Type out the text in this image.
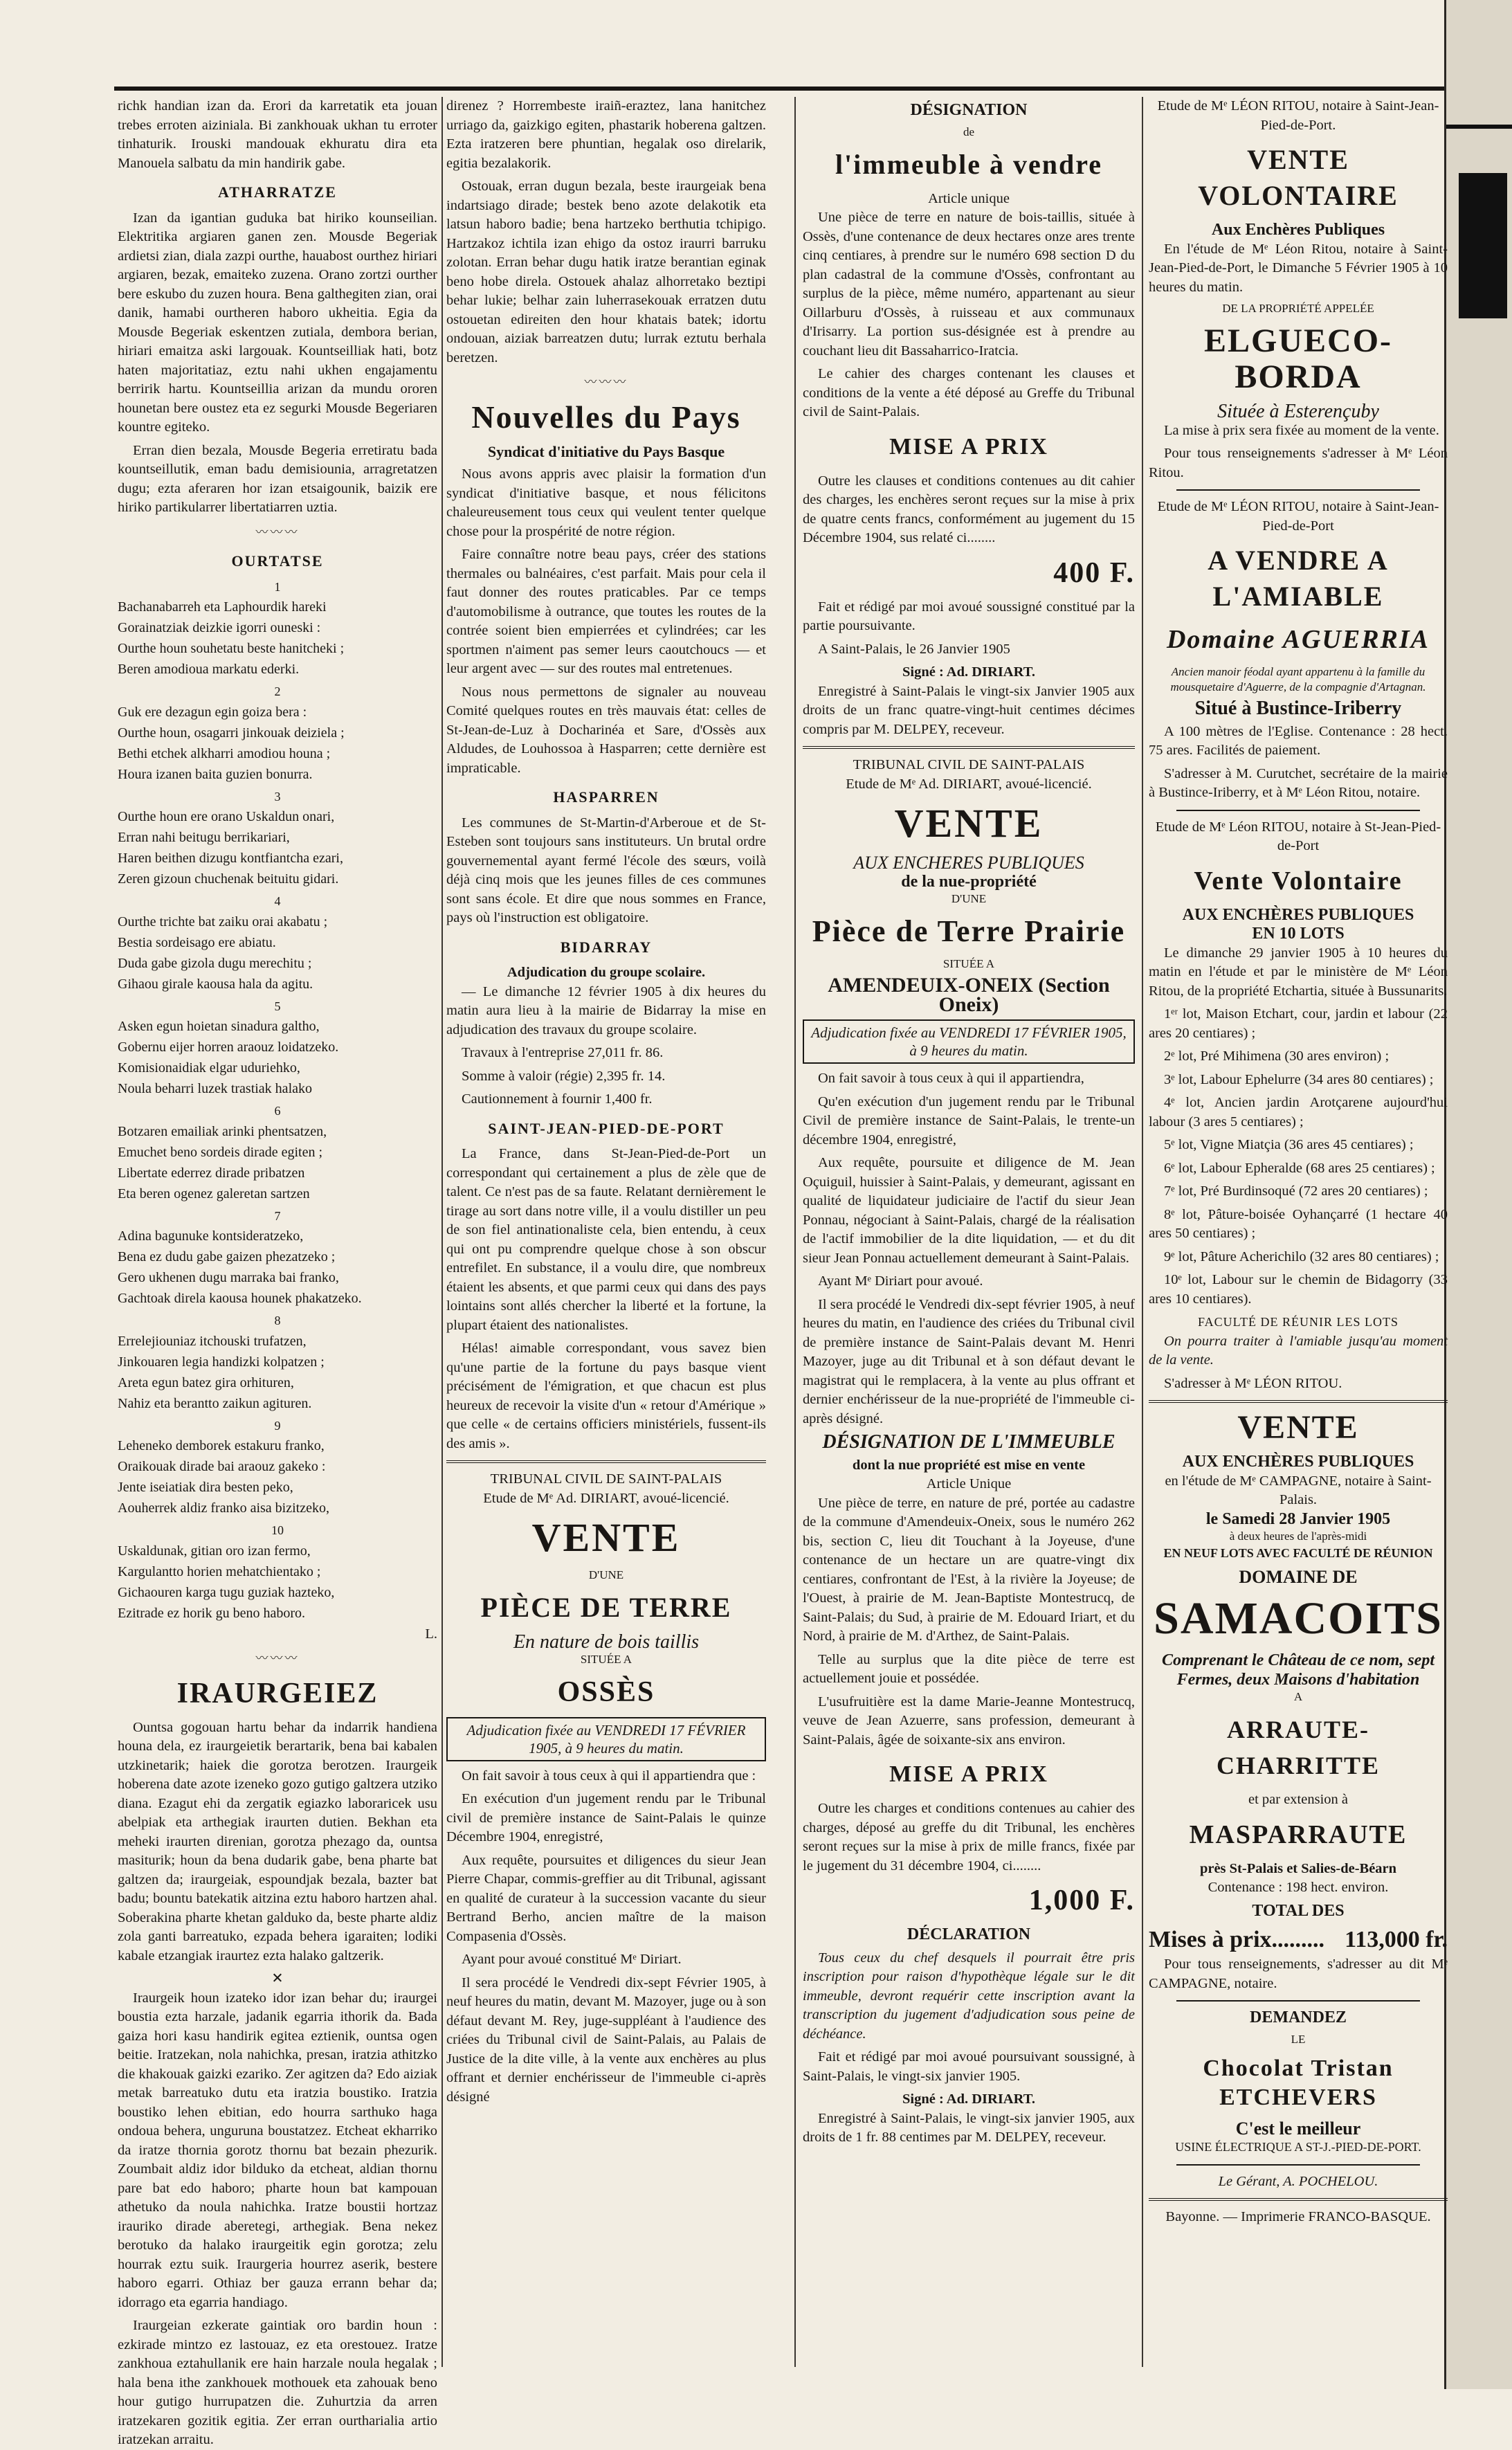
richk handian izan da. Erori da karretatik eta jouan trebes erroten aiziniala. Bi zankhouak ukhan tu erroter tinhaturik. Irouski mandouak ekhuratu dira eta Manouela salbatu da min handirik gabe.

ATHARRATZE

Izan da igantian guduka bat hiriko kounseilian. Elektritika argiaren ganen zen. Mousde Begeriak ardietsi zian, diala zazpi ourthe, hauabost ourthez hiriari argiaren, bezak, emaiteko zuzena. Orano zortzi ourther bere eskubo du zuzen houra. Bena galthegiten zian, orai danik, hamabi ourtheren haboro ukheitia. Egia da Mousde Begeriak eskentzen zutiala, dembora berian, hiriari emaitza aski largouak. Kountseilliak hati, botz haten majoritatiaz, eztu nahi ukhen engajamentu berririk hartu. Kountseillia arizan da mundu ororen hounetan bere oustez eta ez segurki Mousde Begeriaren kountre egiteko.

Erran dien bezala, Mousde Begeria erretiratu bada kountseillutik, eman badu demisiounia, arragretatzen dugu; ezta aferaren hor izan etsaigounik, baizik ere hiriko partikularrer libertatiarren uztia.

〰〰〰
OURTATSE
1

Bachanabarreh eta Laphourdik hareki

Gorainatziak deizkie igorri ouneski :

Ourthe houn souhetatu beste hanitcheki ;

Beren amodioua markatu ederki.

2

Guk ere dezagun egin goiza bera :

Ourthe houn, osagarri jinkouak deiziela ;

Bethi etchek alkharri amodiou houna ;

Houra izanen baita guzien bonurra.

3

Ourthe houn ere orano Uskaldun onari,

Erran nahi beitugu berrikariari,

Haren beithen dizugu kontfiantcha ezari,

Zeren gizoun chuchenak beituitu gidari.

4

Ourthe trichte bat zaiku orai akabatu ;

Bestia sordeisago ere abiatu.

Duda gabe gizola dugu merechitu ;

Gihaou girale kaousa hala da agitu.

5

Asken egun hoietan sinadura galtho,

Gobernu eijer horren araouz loidatzeko.

Komisionaidiak elgar uduriehko,

Noula beharri luzek trastiak halako

6

Botzaren emailiak arinki phentsatzen,

Emuchet beno sordeis dirade egiten ;

Libertate ederrez dirade pribatzen

Eta beren ogenez galeretan sartzen

7

Adina bagunuke kontsideratzeko,

Bena ez dudu gabe gaizen phezatzeko ;

Gero ukhenen dugu marraka bai franko,

Gachtoak direla kaousa hounek phakatzeko.

8

Errelejiouniaz itchouski trufatzen,

Jinkouaren legia handizki kolpatzen ;

Areta egun batez gira orhituren,

Nahiz eta berantto zaikun agituren.

9

Leheneko demborek estakuru franko,

Oraikouak dirade bai araouz gakeko :

Jente iseiatiak dira besten peko,

Aouherrek aldiz franko aisa bizitzeko,

10

Uskaldunak, gitian oro izan fermo,

Kargulantto horien mehatchientako ;

Gichaouren karga tugu guziak hazteko,

Ezitrade ez horik gu beno haboro.

L.

〰〰〰
IRAURGEIEZ

Ountsa gogouan hartu behar da indarrik handiena houna dela, ez iraurgeietik berartarik, bena bai kabalen utzkinetarik; haiek die gorotza berotzen. Iraurgeik hoberena date azote izeneko gozo gutigo galtzera utziko diana. Ezagut ehi da zergatik egiazko laboraricek usu abelpiak eta arthegiak iraurten dutien. Bekhan eta meheki iraurten direnian, gorotza phezago da, ountsa masiturik; houn da bena dudarik gabe, bena pharte bat galtzen da; iraurgeiak, espoundjak bezala, bazter bat badu; bountu batekatik aitzina eztu haboro hartzen ahal. Soberakina pharte khetan galduko da, beste pharte aldiz zola ganti barreatuko, ezpada behera igaraiten; lodiki kabale etzangiak iraurtez ezta halako galtzerik.

✕

Iraurgeik houn izateko idor izan behar du; iraurgei boustia ezta harzale, jadanik egarria ithorik da. Bada gaiza hori kasu handirik egitea eztienik, ountsa ogen beitie. Iratzekan, nola nahichka, presan, iratzia athitzko die khakouak gaizki ezariko. Zer agitzen da? Edo aiziak metak barreatuko dutu eta iratzia boustiko. Iratzia boustiko lehen ebitian, edo hourra sarthuko haga ondoua behera, unguruna boustatzez. Etcheat ekharriko da iratze thornia gorotz thornu bat bezain phezurik. Zoumbait aldiz idor bilduko da etcheat, aldian thornu pare bat edo haboro; pharte houn bat kampouan athetuko da noula nahichka. Iratze boustii hortzaz irauriko dirade aberetegi, arthegiak. Bena nekez berotuko da halako iraurgeitik egin gorotza; zelu hourrak eztu suik. Iraurgeria hourrez aserik, bestere haboro egarri. Othiaz ber gauza errann behar da; idorrago eta egarria handiago.

Iraurgeian ezkerate gaintiak oro bardin houn : ezkirade mintzo ez lastouaz, ez eta orestouez. Iratze zankhoua eztahullanik ere hain harzale noula hegalak ; hala bena ithe zankhouek mothouek eta zahouak beno hour gutigo hurrupatzen die. Zuhurtzia da arren iratzekaren gozitik egitia. Zer erran ourtharialia artio iratzekan arraitu.

direnez ? Horrembeste iraiñ-eraztez, lana hanitchez urriago da, gaizkigo egiten, phastarik hoberena galtzen. Ezta iratzeren bere phuntian, hegalak oso direlarik, egitia bezalakorik.

Ostouak, erran dugun bezala, beste iraurgeiak bena indartsiago dirade; bestek beno azote delakotik eta latsun haboro badie; bena hartzeko berthutia tchipigo. Hartzakoz ichtila izan ehigo da ostoz iraurri barruku zolotan. Erran behar dugu hatik iratze berantian eginak beno hobe direla. Ostouek ahalaz alhorretako beztipi behar lukie; belhar zain luherrasekouak erratzen dutu ostouetan edireiten den hour khatais batek; idortu ondouan, aiziak barreatzen dutu; lurrak eztutu berhala beretzen.

〰〰〰
Nouvelles du Pays
Syndicat d'initiative du Pays Basque

Nous avons appris avec plaisir la formation d'un syndicat d'initiative basque, et nous félicitons chaleureusement tous ceux qui veulent tenter quelque chose pour la prospérité de notre région.

Faire connaître notre beau pays, créer des stations thermales ou balnéaires, c'est parfait. Mais pour cela il faut donner des routes praticables. Par ce temps d'automobilisme à outrance, que toutes les routes de la contrée soient bien empierrées et cylindrées; car les sportmen n'aiment pas semer leurs caoutchoucs — et leur argent avec — sur des routes mal entretenues.

Nous nous permettons de signaler au nouveau Comité quelques routes en très mauvais état: celles de St-Jean-de-Luz à Docharinéa et Sare, d'Ossès aux Aldudes, de Louhossoa à Hasparren; cette dernière est impraticable.

HASPARREN

Les communes de St-Martin-d'Arberoue et de St-Esteben sont toujours sans instituteurs. Un brutal ordre gouvernemental ayant fermé l'école des sœurs, voilà déjà cinq mois que les jeunes filles de ces communes sont sans école. Et dire que nous sommes en France, pays où l'instruction est obligatoire.

BIDARRAY
Adjudication du groupe scolaire.

— Le dimanche 12 février 1905 à dix heures du matin aura lieu à la mairie de Bidarray la mise en adjudication des travaux du groupe scolaire.

Travaux à l'entreprise 27,011 fr. 86.

Somme à valoir (régie) 2,395 fr. 14.

Cautionnement à fournir 1,400 fr.

SAINT-JEAN-PIED-DE-PORT

La France, dans St-Jean-Pied-de-Port un correspondant qui certainement a plus de zèle que de talent. Ce n'est pas de sa faute. Relatant dernièrement le tirage au sort dans notre ville, il a voulu distiller un peu de son fiel antinationaliste cela, bien entendu, à ceux qui ont pu comprendre quelque chose à son obscur entrefilet. En substance, il a voulu dire, que nombreux étaient les absents, et que parmi ceux qui dans des pays lointains sont allés chercher la liberté et la fortune, la plupart étaient des nationalistes.

Hélas! aimable correspondant, vous savez bien qu'une partie de la fortune du pays basque vient précisément de l'émigration, et que chacun est plus heureux de recevoir la visite d'un « retour d'Amérique » que celle « de certains officiers ministériels, fussent-ils des amis ».

TRIBUNAL CIVIL DE SAINT-PALAIS
Etude de Mᵉ Ad. DIRIART, avoué-licencié.
VENTE
D'UNE
PIÈCE DE TERRE
En nature de bois taillis
SITUÉE A
OSSÈS
Adjudication fixée au VENDREDI 17 FÉVRIER 1905, à 9 heures du matin.

On fait savoir à tous ceux à qui il appartiendra que :

En exécution d'un jugement rendu par le Tribunal civil de première instance de Saint-Palais le quinze Décembre 1904, enregistré,

Aux requête, poursuites et diligences du sieur Jean Pierre Chapar, commis-greffier au dit Tribunal, agissant en qualité de curateur à la succession vacante du sieur Bertrand Berho, ancien maître de la maison Compasenia d'Ossès.

Ayant pour avoué constitué Mᵉ Diriart.

Il sera procédé le Vendredi dix-sept Février 1905, à neuf heures du matin, devant M. Mazoyer, juge ou à son défaut devant M. Rey, juge-suppléant à l'audience des criées du Tribunal civil de Saint-Palais, au Palais de Justice de la dite ville, à la vente aux enchères au plus offrant et dernier enchérisseur de l'immeuble ci-après désigné

DÉSIGNATION
de
l'immeuble à vendre
Article unique

Une pièce de terre en nature de bois-taillis, située à Ossès, d'une contenance de deux hectares onze ares trente cinq centiares, à prendre sur le numéro 698 section D du plan cadastral de la commune d'Ossès, confrontant au surplus de la pièce, même numéro, appartenant au sieur Oillarburu d'Ossès, à ruisseau et aux communaux d'Irisarry. La portion sus-désignée est à prendre au couchant lieu dit Bassaharrico-Iratcia.

Le cahier des charges contenant les clauses et conditions de la vente a été déposé au Greffe du Tribunal civil de Saint-Palais.

MISE A PRIX

Outre les clauses et conditions contenues au dit cahier des charges, les enchères seront reçues sur la mise à prix de quatre cents francs, conformément au jugement du 15 Décembre 1904, sus relaté ci........

400 F.

Fait et rédigé par moi avoué soussigné constitué par la partie poursuivante.

A Saint-Palais, le 26 Janvier 1905

Signé : Ad. DIRIART.

Enregistré à Saint-Palais le vingt-six Janvier 1905 aux droits de un franc quatre-vingt-huit centimes décimes compris par M. DELPEY, receveur.

TRIBUNAL CIVIL DE SAINT-PALAIS
Etude de Mᵉ Ad. DIRIART, avoué-licencié.
VENTE
AUX ENCHERES PUBLIQUES
de la nue-propriété
D'UNE
Pièce de Terre Prairie
SITUÉE A
AMENDEUIX-ONEIX (Section Oneix)
Adjudication fixée au VENDREDI 17 FÉVRIER 1905, à 9 heures du matin.

On fait savoir à tous ceux à qui il appartiendra,

Qu'en exécution d'un jugement rendu par le Tribunal Civil de première instance de Saint-Palais, le trente-un décembre 1904, enregistré,

Aux requête, poursuite et diligence de M. Jean Oçuiguil, huissier à Saint-Palais, y demeurant, agissant en qualité de liquidateur judiciaire de l'actif du sieur Jean Ponnau, négociant à Saint-Palais, chargé de la réalisation de l'actif immobilier de la dite liquidation, — et du dit sieur Jean Ponnau actuellement demeurant à Saint-Palais.

Ayant Mᵉ Diriart pour avoué.

Il sera procédé le Vendredi dix-sept février 1905, à neuf heures du matin, en l'audience des criées du Tribunal civil de première instance de Saint-Palais devant M. Henri Mazoyer, juge au dit Tribunal et à son défaut devant le magistrat qui le remplacera, à la vente au plus offrant et dernier enchérisseur de la nue-propriété de l'immeuble ci-après désigné.

DÉSIGNATION DE L'IMMEUBLE
dont la nue propriété est mise en vente
Article Unique

Une pièce de terre, en nature de pré, portée au cadastre de la commune d'Amendeuix-Oneix, sous le numéro 262 bis, section C, lieu dit Touchant à la Joyeuse, d'une contenance de un hectare un are quatre-vingt dix centiares, confrontant de l'Est, à la rivière la Joyeuse; de l'Ouest, à prairie de M. Jean-Baptiste Montestrucq, de Saint-Palais; du Sud, à prairie de M. Edouard Iriart, et du Nord, à prairie de M. d'Arthez, de Saint-Palais.

Telle au surplus que la dite pièce de terre est actuellement jouie et possédée.

L'usufruitière est la dame Marie-Jeanne Montestrucq, veuve de Jean Azuerre, sans profession, demeurant à Saint-Palais, âgée de soixante-six ans environ.

MISE A PRIX

Outre les charges et conditions contenues au cahier des charges, déposé au greffe du dit Tribunal, les enchères seront reçues sur la mise à prix de mille francs, fixée par le jugement du 31 décembre 1904, ci........

1,000 F.
DÉCLARATION

Tous ceux du chef desquels il pourrait être pris inscription pour raison d'hypothèque légale sur le dit immeuble, devront requérir cette inscription avant la transcription du jugement d'adjudication sous peine de déchéance.

Fait et rédigé par moi avoué poursuivant soussigné, à Saint-Palais, le vingt-six janvier 1905.

Signé : Ad. DIRIART.

Enregistré à Saint-Palais, le vingt-six janvier 1905, aux droits de 1 fr. 88 centimes par M. DELPEY, receveur.

Etude de Mᵉ LÉON RITOU, notaire à Saint-Jean-Pied-de-Port.
VENTE VOLONTAIRE
Aux Enchères Publiques

En l'étude de Mᵉ Léon Ritou, notaire à Saint-Jean-Pied-de-Port, le Dimanche 5 Février 1905 à 10 heures du matin.

DE LA PROPRIÉTÉ APPELÉE
ELGUECO-BORDA
Située à Esterençuby

La mise à prix sera fixée au moment de la vente.

Pour tous renseignements s'adresser à Mᵉ Léon Ritou.

Etude de Mᵉ LÉON RITOU, notaire à Saint-Jean-Pied-de-Port
A VENDRE A L'AMIABLE
Domaine AGUERRIA
Ancien manoir féodal ayant appartenu à la famille du mousquetaire d'Aguerre, de la compagnie d'Artagnan.
Situé à Bustince-Iriberry

A 100 mètres de l'Eglise. Contenance : 28 hect. 75 ares. Facilités de paiement.

S'adresser à M. Curutchet, secrétaire de la mairie à Bustince-Iriberry, et à Mᵉ Léon Ritou, notaire.

Etude de Mᵉ Léon RITOU, notaire à St-Jean-Pied-de-Port
Vente Volontaire
AUX ENCHÈRES PUBLIQUES
EN 10 LOTS

Le dimanche 29 janvier 1905 à 10 heures du matin en l'étude et par le ministère de Mᵉ Léon Ritou, de la propriété Etchartia, située à Bussunarits.

1ᵉʳ lot, Maison Etchart, cour, jardin et labour (22 ares 20 centiares) ;

2ᵉ lot, Pré Mihimena (30 ares environ) ;

3ᵉ lot, Labour Ephelurre (34 ares 80 centiares) ;

4ᵉ lot, Ancien jardin Arotçarene aujourd'hui labour (3 ares 5 centiares) ;

5ᵉ lot, Vigne Miatçia (36 ares 45 centiares) ;

6ᵉ lot, Labour Epheralde (68 ares 25 centiares) ;

7ᵉ lot, Pré Burdinsoqué (72 ares 20 centiares) ;

8ᵉ lot, Pâture-boisée Oyhançarré (1 hectare 40 ares 50 centiares) ;

9ᵉ lot, Pâture Acherichilo (32 ares 80 centiares) ;

10ᵉ lot, Labour sur le chemin de Bidagorry (33 ares 10 centiares).

FACULTÉ DE RÉUNIR LES LOTS

On pourra traiter à l'amiable jusqu'au moment de la vente.

S'adresser à Mᵉ LÉON RITOU.

VENTE
AUX ENCHÈRES PUBLIQUES
en l'étude de Mᵉ CAMPAGNE, notaire à Saint-Palais.
le Samedi 28 Janvier 1905
à deux heures de l'après-midi
EN NEUF LOTS AVEC FACULTÉ DE RÉUNION
DOMAINE DE
SAMACOITS
Comprenant le Château de ce nom, sept Fermes, deux Maisons d'habitation
A
ARRAUTE-CHARRITTE
et par extension à
MASPARRAUTE
près St-Palais et Salies-de-Béarn
Contenance : 198 hect. environ.
TOTAL DES
Mises à prix......... 113,000 fr.

Pour tous renseignements, s'adresser au dit Mᵉ CAMPAGNE, notaire.

DEMANDEZ
LE
Chocolat Tristan ETCHEVERS
C'est le meilleur
USINE ÉLECTRIQUE A ST-J.-PIED-DE-PORT.
Le Gérant, A. POCHELOU.
Bayonne. — Imprimerie FRANCO-BASQUE.
